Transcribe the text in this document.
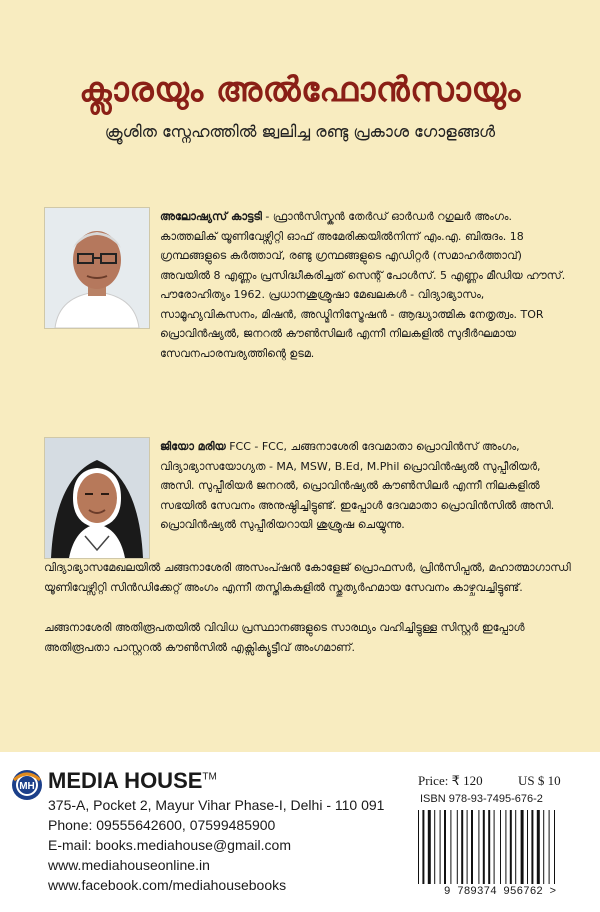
ക്ലാരയും അൽഫോൻസായും
ക്രൂശിത സ്നേഹത്തിൽ ജ്വലിച്ച രണ്ടു പ്രകാശ ഗോളങ്ങൾ
അലോഷ്യസ് കാട്ടടി - ഫ്രാൻസിസ്കൻ തേർഡ് ഓർഡർ റഗുലർ അംഗം. കാത്തലിക് യൂണിവേഴ്സിറ്റി ഓഫ് അമേരിക്കയിൽനിന്ന് എം.എ. ബിരുദം. 18 ഗ്രന്ഥങ്ങളുടെ കർത്താവ്, രണ്ടു ഗ്രന്ഥങ്ങളുടെ എഡിറ്റർ (സമാഹർത്താവ്) അവയിൽ 8 എണ്ണം പ്രസിദ്ധീകരിച്ചത് സെന്റ് പോൾസ്. 5 എണ്ണം മീഡിയ ഹൗസ്. പൗരോഹിത്യം 1962. പ്രധാനശുശ്രൂഷാ മേഖലകൾ - വിദ്യാഭ്യാസം, സാമൂഹ്യവികസനം, മിഷൻ, അഡ്മിനിസ്ട്രേഷൻ - ആദ്ധ്യാത്മിക നേതൃത്വം. TOR പ്രൊവിൻഷ്യൽ, ജനറൽ കൗൺസിലർ എന്നീ നിലകളിൽ സുദീർഘമായ സേവനപാരമ്പര്യത്തിന്റെ ഉടമ.
ജിയോ മരിയ FCC - FCC, ചങ്ങനാശേരി ദേവമാതാ പ്രൊവിൻസ് അംഗം, വിദ്യാഭ്യാസയോഗ്യത - MA, MSW, B.Ed, M.Phil പ്രൊവിൻഷ്യൽ സുപ്പീരിയർ, അസി. സുപ്പീരിയർ ജനറൽ, പ്രൊവിൻഷ്യൽ കൗൺസിലർ എന്നീ നിലകളിൽ സഭയിൽ സേവനം അനുഷ്ഠിച്ചിട്ടുണ്ട്. ഇപ്പോൾ ദേവമാതാ പ്രൊവിൻസിൽ അസി. പ്രൊവിൻഷ്യൽ സുപ്പീരിയറായി ശുശ്രൂഷ ചെയ്യുന്നു.
വിദ്യാഭ്യാസമേഖലയിൽ ചങ്ങനാശേരി അസംപ്ഷൻ കോളേജ് പ്രൊഫസർ, പ്രിൻസിപ്പൽ, മഹാത്മാഗാന്ധി യൂണിവേഴ്സിറ്റി സിൻഡിക്കേറ്റ് അംഗം എന്നീ തസ്തികകളിൽ സ്തുത്യർഹമായ സേവനം കാഴ്ചവച്ചിട്ടുണ്ട്.
ചങ്ങനാശേരി അതിരൂപതയിൽ വിവിധ പ്രസ്ഥാനങ്ങളുടെ സാരഥ്യം വഹിച്ചിട്ടുള്ള സിസ്റ്റർ ഇപ്പോൾ അതിരൂപതാ പാസ്റ്ററൽ കൗൺസിൽ എക്സിക്യൂട്ടീവ് അംഗമാണ്.
MH MEDIA HOUSE™
375-A, Pocket 2, Mayur Vihar Phase-I, Delhi - 110 091
Phone: 09555642600, 07599485900
E-mail: books.mediahouse@gmail.com
www.mediahouseonline.in
www.facebook.com/mediahousebooks
Price: ₹ 120	US $ 10
ISBN 978-93-7495-676-2
9 789374 956762 >
